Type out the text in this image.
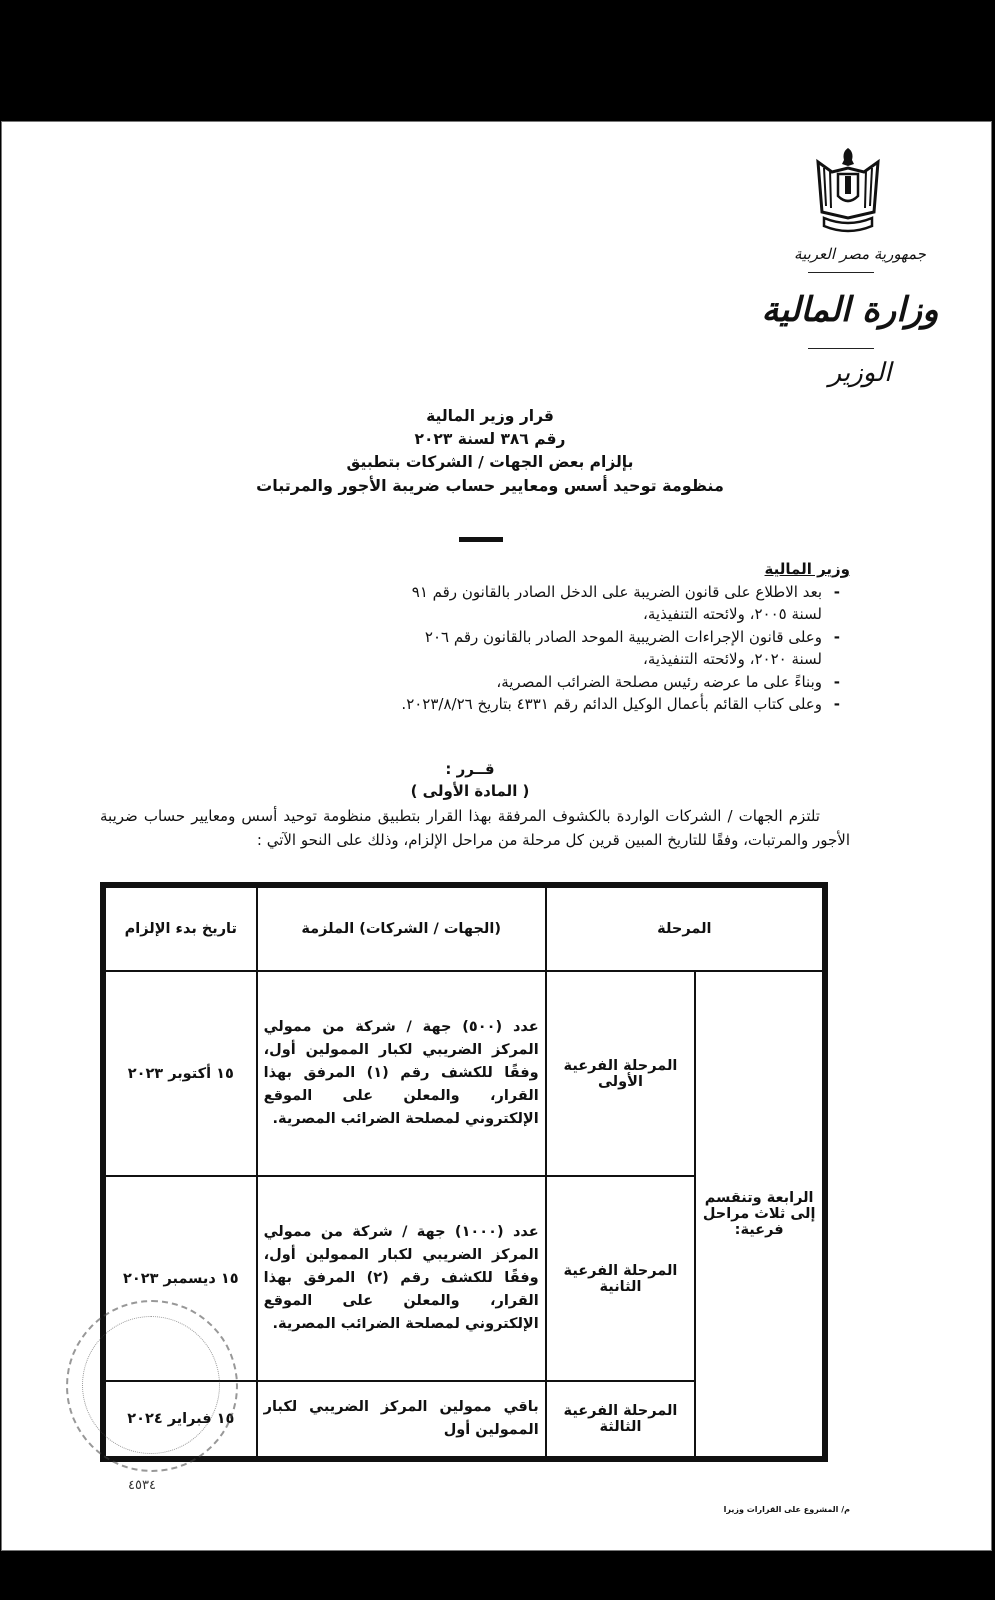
جمهورية مصر العربية
وزارة المالية
الوزير
قرار وزير المالية
رقم ٣٨٦ لسنة ٢٠٢٣
بإلزام بعض الجهات / الشركات بتطبيق
منظومة توحيد أسس ومعايير حساب ضريبة الأجور والمرتبات
وزير المالية
- بعد الاطلاع على قانون الضريبة على الدخل الصادر بالقانون رقم ٩١
لسنة ٢٠٠٥، ولائحته التنفيذية،
- وعلى قانون الإجراءات الضريبية الموحد الصادر بالقانون رقم ٢٠٦
لسنة ٢٠٢٠، ولائحته التنفيذية،
- وبناءً على ما عرضه رئيس مصلحة الضرائب المصرية،
- وعلى كتاب القائم بأعمال الوكيل الدائم رقم ٤٣٣١ بتاريخ ٢٠٢٣/٨/٢٦.
قــرر :
( المادة الأولى )
تلتزم الجهات / الشركات الواردة بالكشوف المرفقة بهذا القرار بتطبيق منظومة توحيد أسس ومعايير حساب ضريبة الأجور والمرتبات، وفقًا للتاريخ المبين قرين كل مرحلة من مراحل الإلزام، وذلك على النحو الآتي :
المرحلة		(الجهات / الشركات) الملزمة	تاريخ بدء الإلزام
الرابعة وتنقسم إلى ثلاث مراحل فرعية:	المرحلة الفرعية الأولى	عدد (٥٠٠) جهة / شركة من ممولي المركز الضريبي لكبار الممولين أول، وفقًا للكشف رقم (١) المرفق بهذا القرار، والمعلن على الموقع الإلكتروني لمصلحة الضرائب المصرية.	١٥ أكتوبر ٢٠٢٣
	المرحلة الفرعية الثانية	عدد (١٠٠٠) جهة / شركة من ممولي المركز الضريبي لكبار الممولين أول، وفقًا للكشف رقم (٢) المرفق بهذا القرار، والمعلن على الموقع الإلكتروني لمصلحة الضرائب المصرية.	١٥ ديسمبر ٢٠٢٣
	المرحلة الفرعية الثالثة	باقي ممولين المركز الضريبي لكبار الممولين أول	١٥ فبراير ٢٠٢٤
٤٥٣٤
م/ المشروع على القرارات وزيرا
